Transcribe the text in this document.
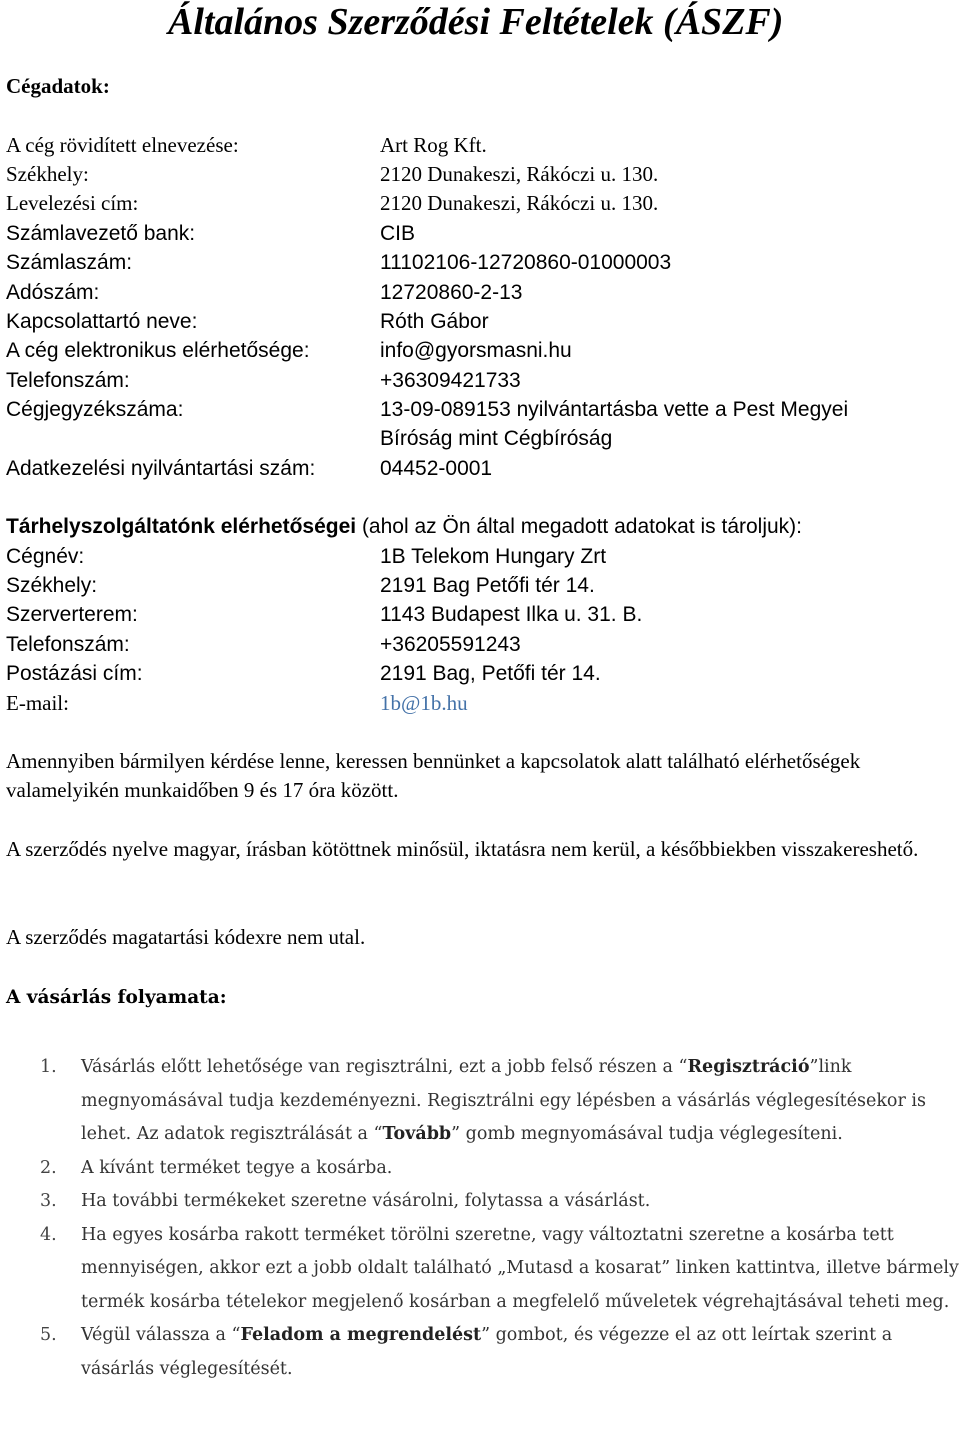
Általános Szerződési Feltételek (ÁSZF)
Cégadatok:
A cég rövidített elnevezése:	Art Rog Kft.
Székhely:	2120 Dunakeszi, Rákóczi u. 130.
Levelezési cím:	2120 Dunakeszi, Rákóczi u. 130.
Számlavezető bank:	CIB
Számlaszám:	11102106-12720860-01000003
Adószám:	12720860-2-13
Kapcsolattartó neve:	Róth Gábor
A cég elektronikus elérhetősége:	info@gyorsmasni.hu
Telefonszám:	+36309421733
Cégjegyzékszáma:	13-09-089153 nyilvántartásba vette a Pest Megyei
Bíróság mint Cégbíróság
Adatkezelési nyilvántartási szám:	04452-0001
Tárhelyszolgáltatónk elérhetőségei (ahol az Ön által megadott adatokat is tároljuk):
Cégnév:	1B Telekom Hungary Zrt
Székhely:	2191 Bag Petőfi tér 14.
Szerverterem:	1143 Budapest Ilka u. 31. B.
Telefonszám:	+36205591243
Postázási cím:	2191 Bag, Petőfi tér 14.
E-mail:	1b@1b.hu
Amennyiben bármilyen kérdése lenne, keressen bennünket a kapcsolatok alatt található elérhetőségek valamelyikén munkaidőben 9 és 17 óra között.
A szerződés nyelve magyar, írásban kötöttnek minősül, iktatásra nem kerül, a későbbiekben visszakereshető.
A szerződés magatartási kódexre nem utal.
A vásárlás folyamata:
1. Vásárlás előtt lehetősége van regisztrálni, ezt a jobb felső részen a “Regisztráció”link megnyomásával tudja kezdeményezni. Regisztrálni egy lépésben a vásárlás véglegesítésekor is lehet. Az adatok regisztrálását a “Tovább” gomb megnyomásával tudja véglegesíteni.
2. A kívánt terméket tegye a kosárba.
3. Ha további termékeket szeretne vásárolni, folytassa a vásárlást.
4. Ha egyes kosárba rakott terméket törölni szeretne, vagy változtatni szeretne a kosárba tett mennyiségen, akkor ezt a jobb oldalt található „Mutasd a kosarat” linken kattintva, illetve bármely termék kosárba tételekor megjelenő kosárban a megfelelő műveletek végrehajtásával teheti meg.
5. Végül válassza a “Feladom a megrendelést” gombot, és végezze el az ott leírtak szerint a vásárlás véglegesítését.
